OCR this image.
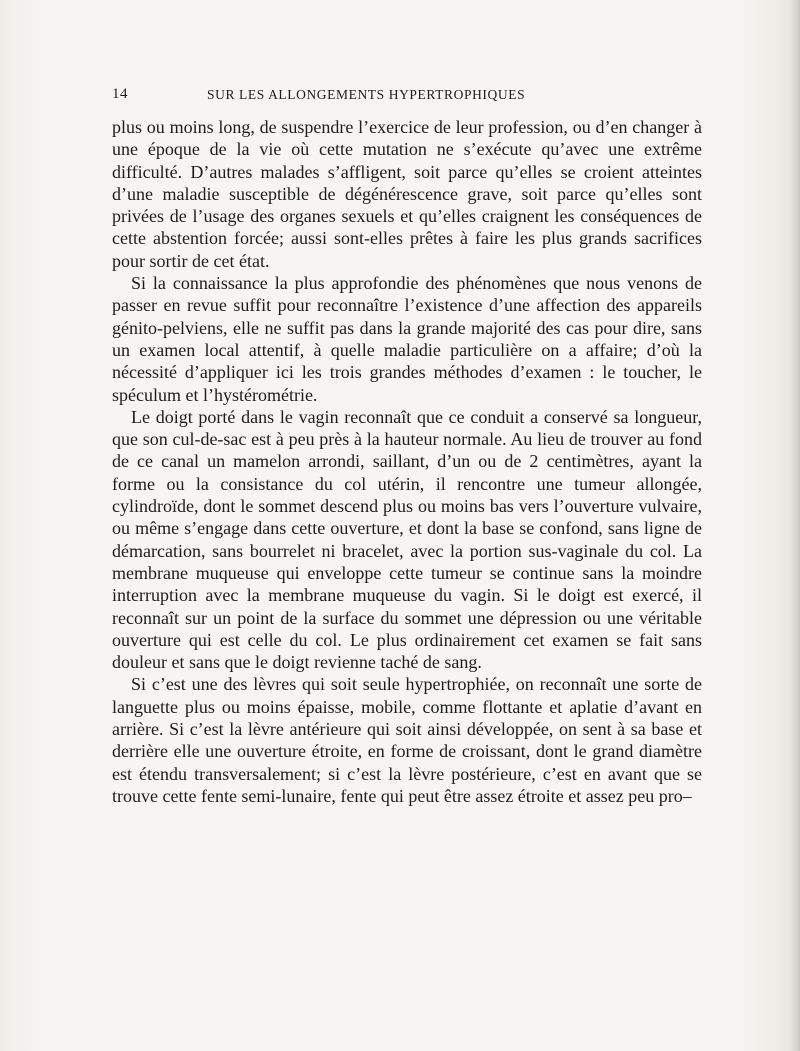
14	SUR LES ALLONGEMENTS HYPERTROPHIQUES

plus ou moins long, de suspendre l’exercice de leur profession, ou d’en changer à une époque de la vie où cette mutation ne s’exécute qu’avec une extrême difficulté. D’autres malades s’affligent, soit parce qu’elles se croient atteintes d’une maladie susceptible de dégénérescence grave, soit parce qu’elles sont privées de l’usage des organes sexuels et qu’elles craignent les conséquences de cette abstention forcée; aussi sont-elles prêtes à faire les plus grands sacrifices pour sortir de cet état.

Si la connaissance la plus approfondie des phénomènes que nous venons de passer en revue suffit pour reconnaître l’existence d’une affection des appareils génito-pelviens, elle ne suffit pas dans la grande majorité des cas pour dire, sans un examen local attentif, à quelle maladie particulière on a affaire; d’où la nécessité d’appliquer ici les trois grandes méthodes d’examen : le toucher, le spéculum et l’hystérométrie.

Le doigt porté dans le vagin reconnaît que ce conduit a conservé sa longueur, que son cul-de-sac est à peu près à la hauteur normale. Au lieu de trouver au fond de ce canal un mamelon arrondi, saillant, d’un ou de 2 centimètres, ayant la forme ou la consistance du col utérin, il rencontre une tumeur allongée, cylindroïde, dont le sommet descend plus ou moins bas vers l’ouverture vulvaire, ou même s’engage dans cette ouverture, et dont la base se confond, sans ligne de démarcation, sans bourrelet ni bracelet, avec la portion sus-vaginale du col. La membrane muqueuse qui enveloppe cette tumeur se continue sans la moindre interruption avec la membrane muqueuse du vagin. Si le doigt est exercé, il reconnaît sur un point de la surface du sommet une dépression ou une véritable ouverture qui est celle du col. Le plus ordinairement cet examen se fait sans douleur et sans que le doigt revienne taché de sang.

Si c’est une des lèvres qui soit seule hypertrophiée, on reconnaît une sorte de languette plus ou moins épaisse, mobile, comme flottante et aplatie d’avant en arrière. Si c’est la lèvre antérieure qui soit ainsi développée, on sent à sa base et derrière elle une ouverture étroite, en forme de croissant, dont le grand diamètre est étendu transversalement; si c’est la lèvre postérieure, c’est en avant que se trouve cette fente semi-lunaire, fente qui peut être assez étroite et assez peu pro–
